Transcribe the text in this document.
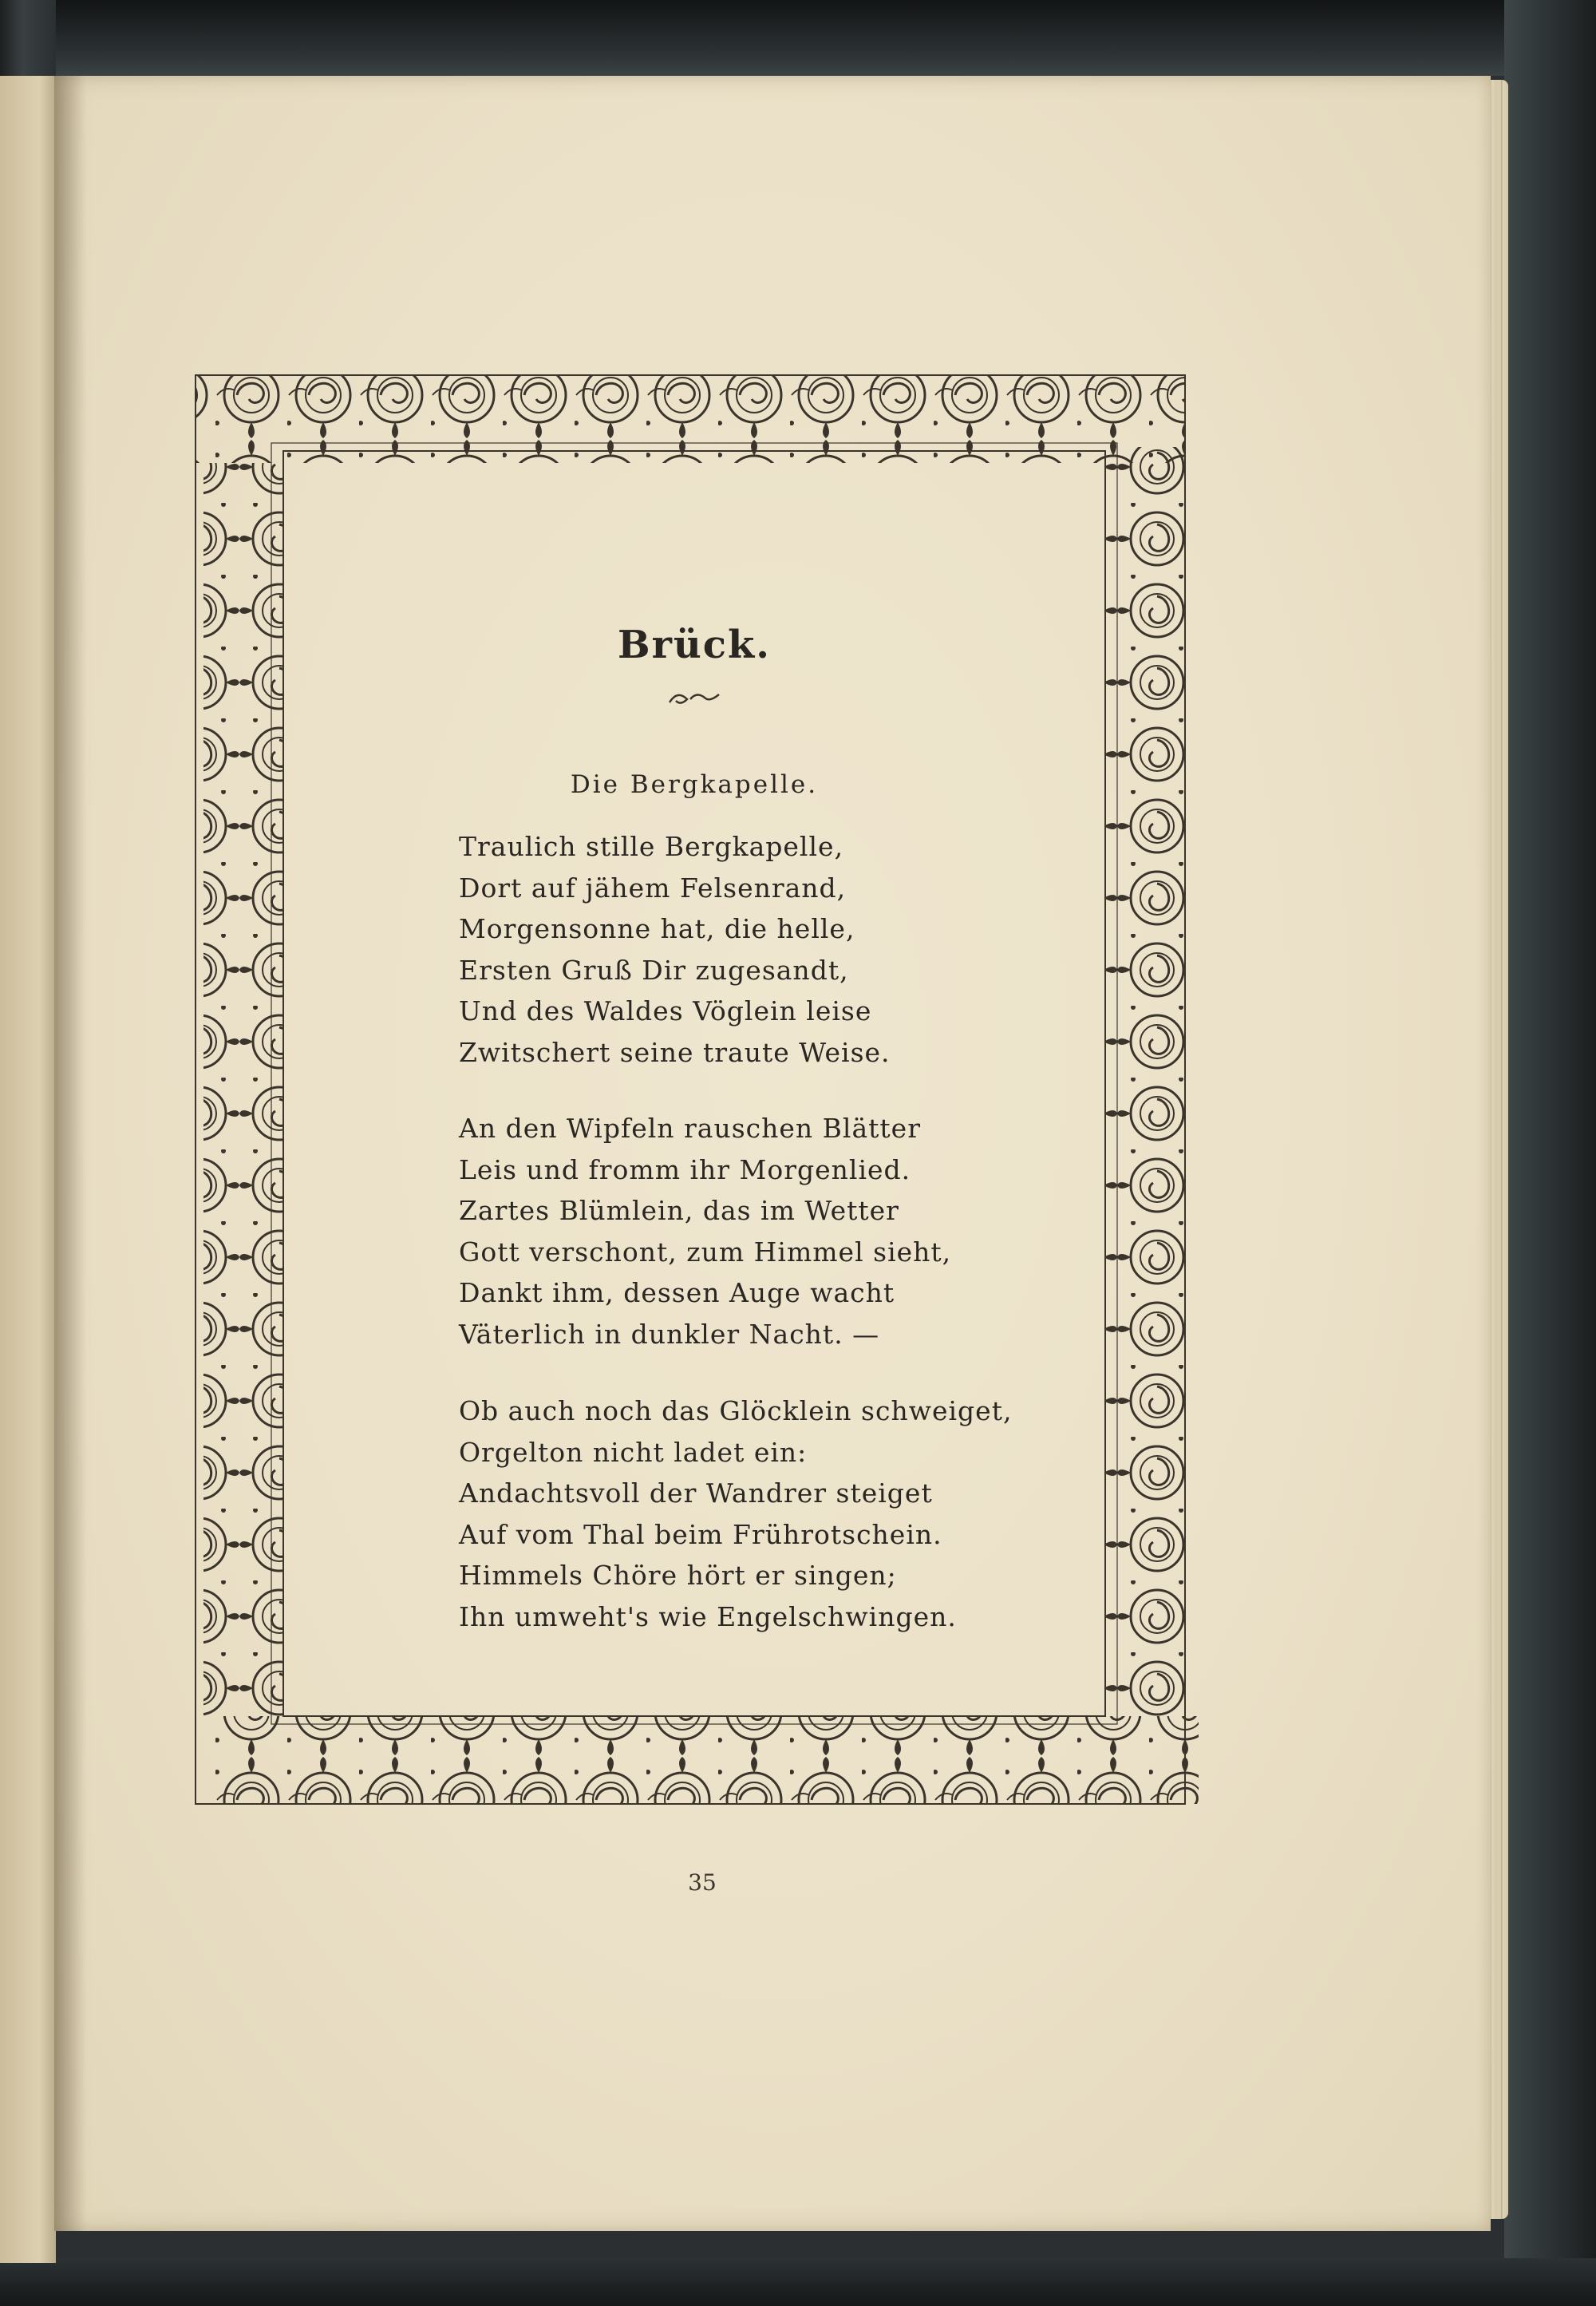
Brück.
Die Bergkapelle.
Traulich stille Bergkapelle,
Dort auf jähem Felsenrand,
Morgensonne hat, die helle,
Ersten Gruß Dir zugesandt,
Und des Waldes Vöglein leise
Zwitschert seine traute Weise.
An den Wipfeln rauschen Blätter
Leis und fromm ihr Morgenlied.
Zartes Blümlein, das im Wetter
Gott verschont, zum Himmel sieht,
Dankt ihm, dessen Auge wacht
Väterlich in dunkler Nacht. —
Ob auch noch das Glöcklein schweiget,
Orgelton nicht ladet ein:
Andachtsvoll der Wandrer steiget
Auf vom Thal beim Frührotschein.
Himmels Chöre hört er singen;
Ihn umweht's wie Engelschwingen.
35
